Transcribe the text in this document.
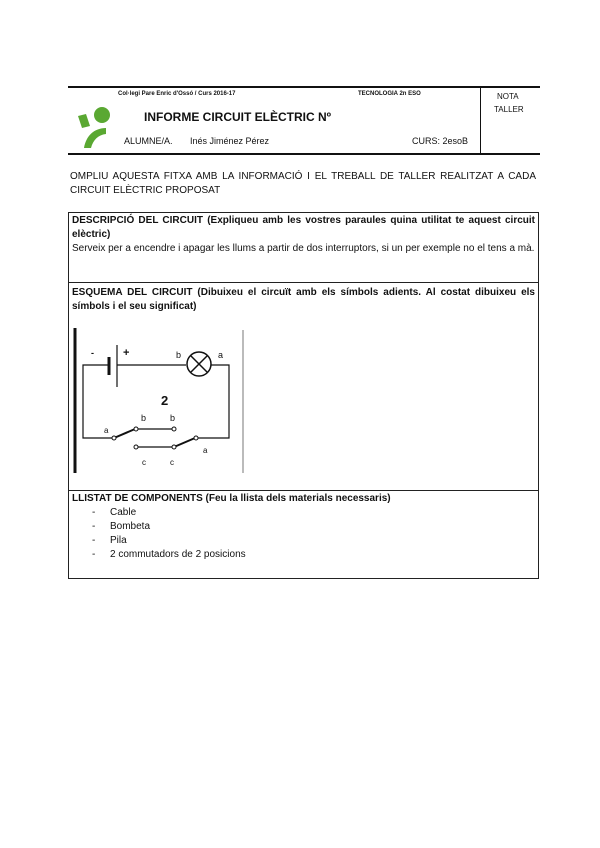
Col·legi Pare Enric d'Ossó / Curs 2016-17	TECNOLOGIA 2n ESO
INFORME CIRCUIT ELÈCTRIC Nº
ALUMNE/A. Inés Jiménez Pérez	CURS: 2esoB
NOTA
TALLER
OMPLIU AQUESTA FITXA AMB LA INFORMACIÓ I EL TREBALL DE TALLER REALITZAT A CADA CIRCUIT ELÈCTRIC PROPOSAT
DESCRIPCIÓ DEL CIRCUIT (Expliqueu amb les vostres paraules quina utilitat te aquest circuit elèctric)
Serveix per a encendre i apagar les llums a partir de dos interruptors, si un per exemple no el tens a mà.
ESQUEMA DEL CIRCUIT (Dibuixeu el circuït amb els símbols adients. Al costat dibuixeu els símbols i el seu significat)
-	+	b	a
2
b	b
a
a
c	c
LLISTAT DE COMPONENTS (Feu la llista dels materials necessaris)
- Cable
- Bombeta
- Pila
- 2 commutadors de 2 posicions
